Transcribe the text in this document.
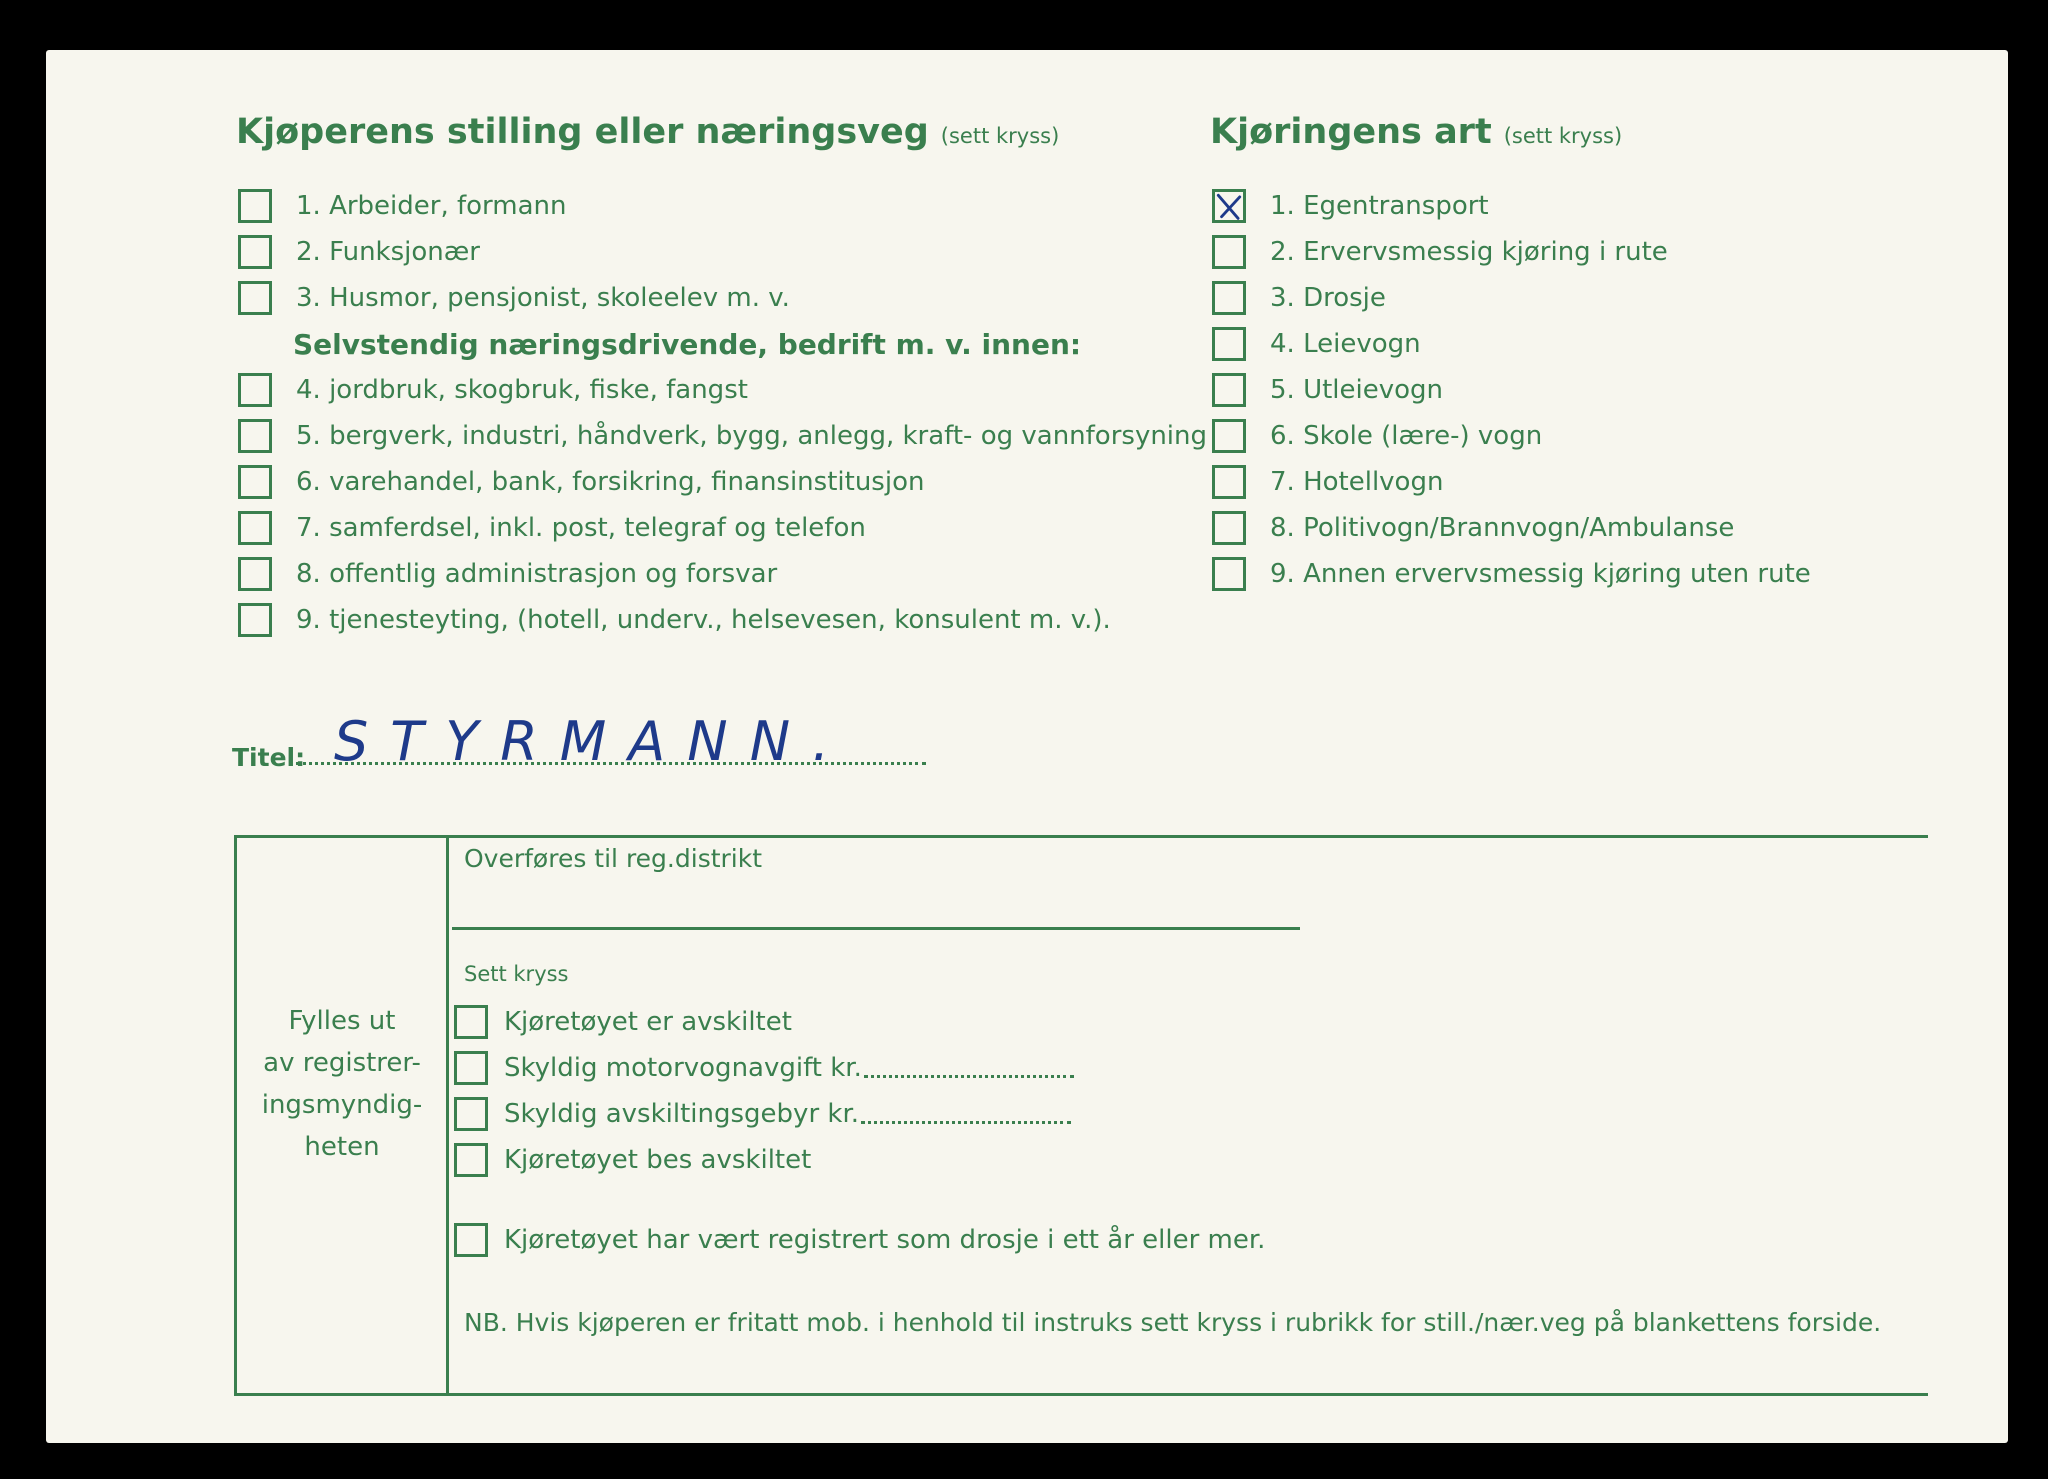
Kjøperens stilling eller næringsveg (sett kryss)
1. Arbeider, formann
2. Funksjonær
3. Husmor, pensjonist, skoleelev m. v.
Selvstendig næringsdrivende, bedrift m. v. innen:
4. jordbruk, skogbruk, fiske, fangst
5. bergverk, industri, håndverk, bygg, anlegg, kraft- og vannforsyning
6. varehandel, bank, forsikring, finansinstitusjon
7. samferdsel, inkl. post, telegraf og telefon
8. offentlig administrasjon og forsvar
9. tjenesteyting, (hotell, underv., helsevesen, konsulent m. v.).
Kjøringens art (sett kryss)
1. Egentransport
2. Ervervsmessig kjøring i rute
3. Drosje
4. Leievogn
5. Utleievogn
6. Skole (lære-) vogn
7. Hotellvogn
8. Politivogn/Brannvogn/Ambulanse
9. Annen ervervsmessig kjøring uten rute
Titel: STYRMANN.
Fylles ut
av registrer-
ingsmyndig-
heten
Overføres til reg.distrikt
Sett kryss
Kjøretøyet er avskiltet
Skyldig motorvognavgift kr.
Skyldig avskiltingsgebyr kr.
Kjøretøyet bes avskiltet
Kjøretøyet har vært registrert som drosje i ett år eller mer.
NB. Hvis kjøperen er fritatt mob. i henhold til instruks sett kryss i rubrikk for still./nær.veg på blankettens forside.
